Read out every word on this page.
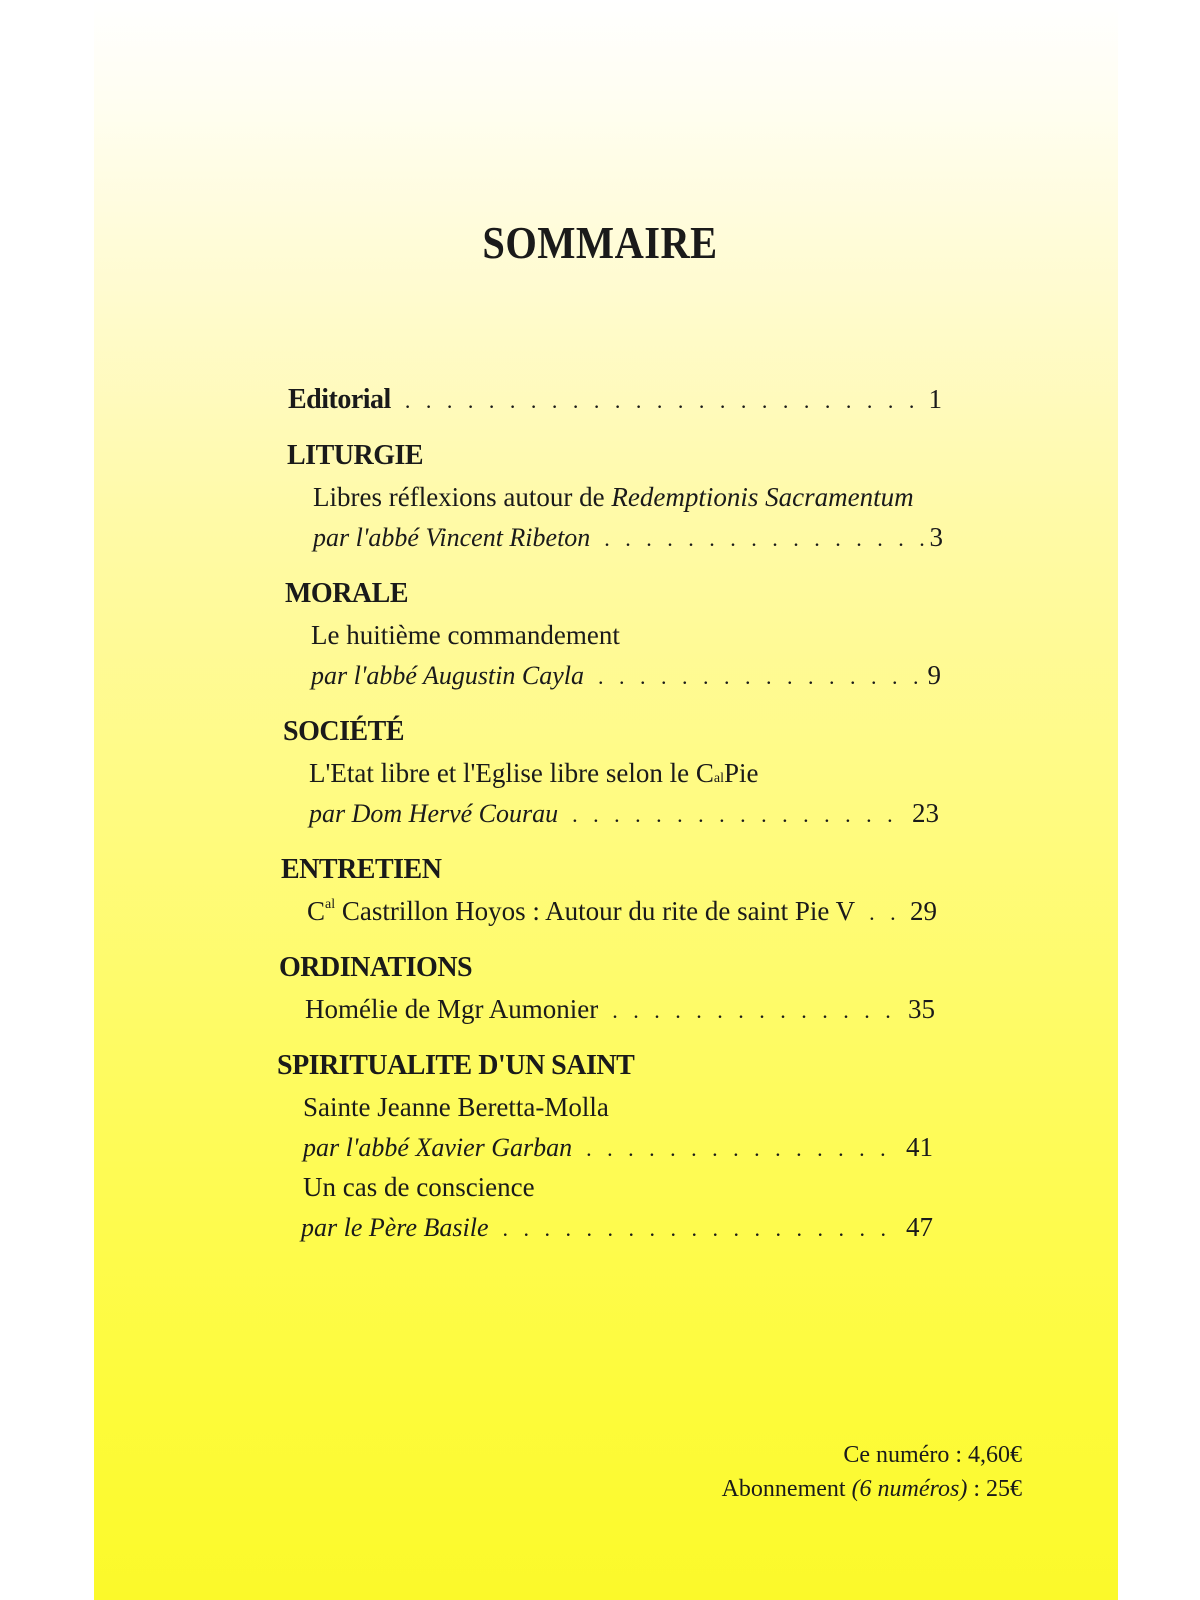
SOMMAIRE
Editorial . . .	1
LITURGIE
Libres réflexions autour de
Redemptionis Sacramentum
par l'abbé Vincent Ribeton . . .	3
MORALE
Le huitième commandement
par l'abbé Augustin Cayla . . .	9
SOCIÉTÉ
L'Etat libre et l'Eglise libre selon le $C_{al}$ Pie
par Dom Hervé Courau . . .	23
ENTRETIEN
$C^{al}$ Castrillon Hoyos : Autour du rite de saint Pie V . . . 29
ORDINATIONS
Homélie de Mgr Aumonier . . .	35
SPIRITUALITE D'UN SAINT
Sainte Jeanne Beretta-Molla
par l'abbé Xavier Garban . . .	41
Un cas de conscience
par le Père Basile . . .	47
Ce numéro : 4,60€
Abonnement (6 numéros) : 25€
